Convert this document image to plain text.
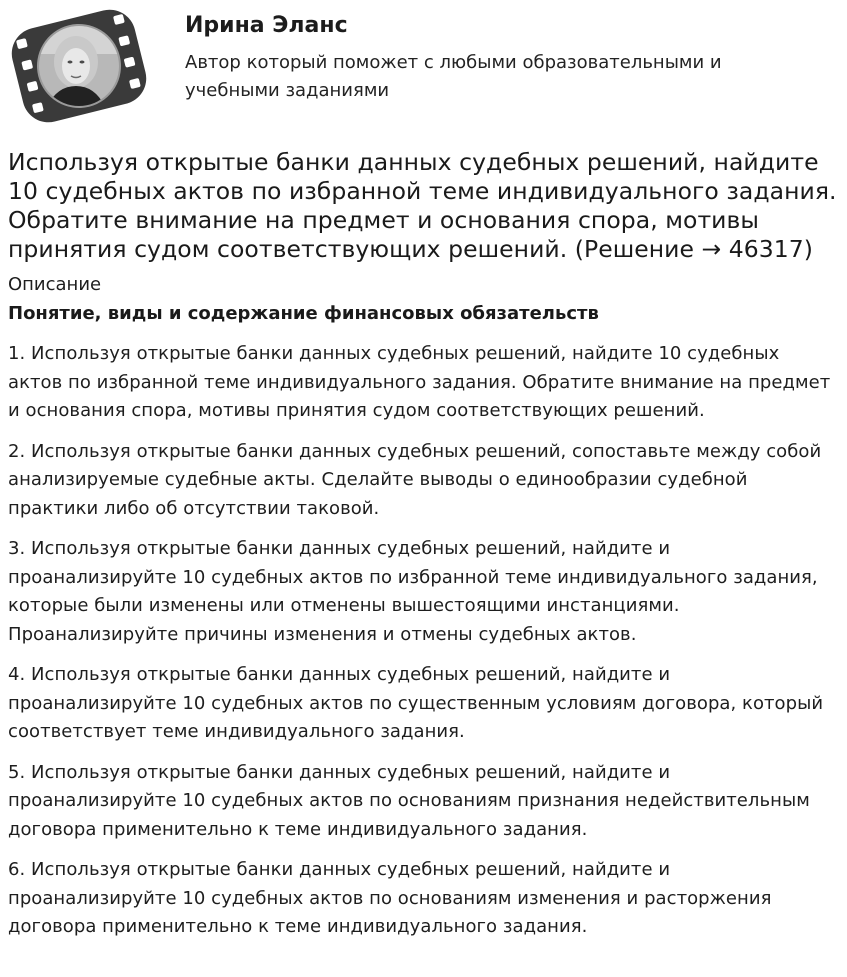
Ирина Эланс

Автор который поможет с любыми образовательными и учебными заданиями

Используя открытые банки данных судебных решений, найдите 10 судебных актов по избранной теме индивидуального задания. Обратите внимание на предмет и основания спора, мотивы принятия судом соответствующих решений. (Решение → 46317)
Описание
Понятие, виды и содержание финансовых обязательств

1. Используя открытые банки данных судебных решений, найдите 10 судебных актов по избранной теме индивидуального задания. Обратите внимание на предмет и основания спора, мотивы принятия судом соответствующих решений.

2. Используя открытые банки данных судебных решений, сопоставьте между собой анализируемые судебные акты. Сделайте выводы о единообразии судебной практики либо об отсутствии таковой.

3. Используя открытые банки данных судебных решений, найдите и проанализируйте 10 судебных актов по избранной теме индивидуального задания, которые были изменены или отменены вышестоящими инстанциями. Проанализируйте причины изменения и отмены судебных актов.

4. Используя открытые банки данных судебных решений, найдите и проанализируйте 10 судебных актов по существенным условиям договора, который соответствует теме индивидуального задания.

5. Используя открытые банки данных судебных решений, найдите и проанализируйте 10 судебных актов по основаниям признания недействительным договора применительно к теме индивидуального задания.

6. Используя открытые банки данных судебных решений, найдите и проанализируйте 10 судебных актов по основаниям изменения и расторжения договора применительно к теме индивидуального задания.
